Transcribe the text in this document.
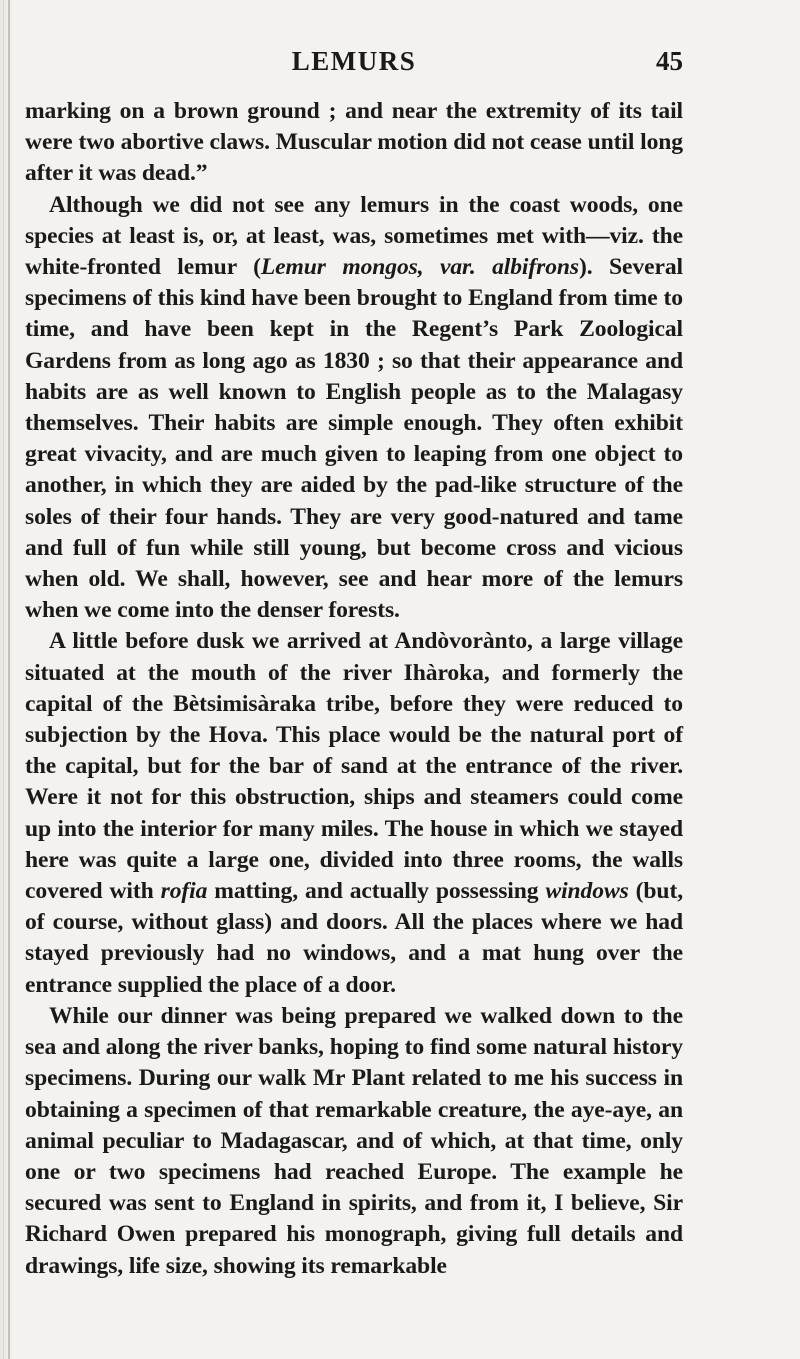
LEMURS	45

marking on a brown ground ; and near the extremity of its tail were two abortive claws. Muscular motion did not cease until long after it was dead.”

Although we did not see any lemurs in the coast woods, one species at least is, or, at least, was, sometimes met with—viz. the white-fronted lemur (Lemur mongos, var. albifrons). Several specimens of this kind have been brought to England from time to time, and have been kept in the Regent’s Park Zoological Gardens from as long ago as 1830 ; so that their appearance and habits are as well known to English people as to the Malagasy themselves. Their habits are simple enough. They often exhibit great vivacity, and are much given to leaping from one object to another, in which they are aided by the pad-like structure of the soles of their four hands. They are very good-natured and tame and full of fun while still young, but become cross and vicious when old. We shall, however, see and hear more of the lemurs when we come into the denser forests.

A little before dusk we arrived at Andòvorànto, a large village situated at the mouth of the river Ihàroka, and formerly the capital of the Bètsimisàraka tribe, before they were reduced to subjection by the Hova. This place would be the natural port of the capital, but for the bar of sand at the entrance of the river. Were it not for this obstruction, ships and steamers could come up into the interior for many miles. The house in which we stayed here was quite a large one, divided into three rooms, the walls covered with rofia matting, and actually possessing windows (but, of course, without glass) and doors. All the places where we had stayed previously had no windows, and a mat hung over the entrance supplied the place of a door.

While our dinner was being prepared we walked down to the sea and along the river banks, hoping to find some natural history specimens. During our walk Mr Plant related to me his success in obtaining a specimen of that remarkable creature, the aye-aye, an animal peculiar to Madagascar, and of which, at that time, only one or two specimens had reached Europe. The example he secured was sent to England in spirits, and from it, I believe, Sir Richard Owen prepared his monograph, giving full details and drawings, life size, showing its remarkable
